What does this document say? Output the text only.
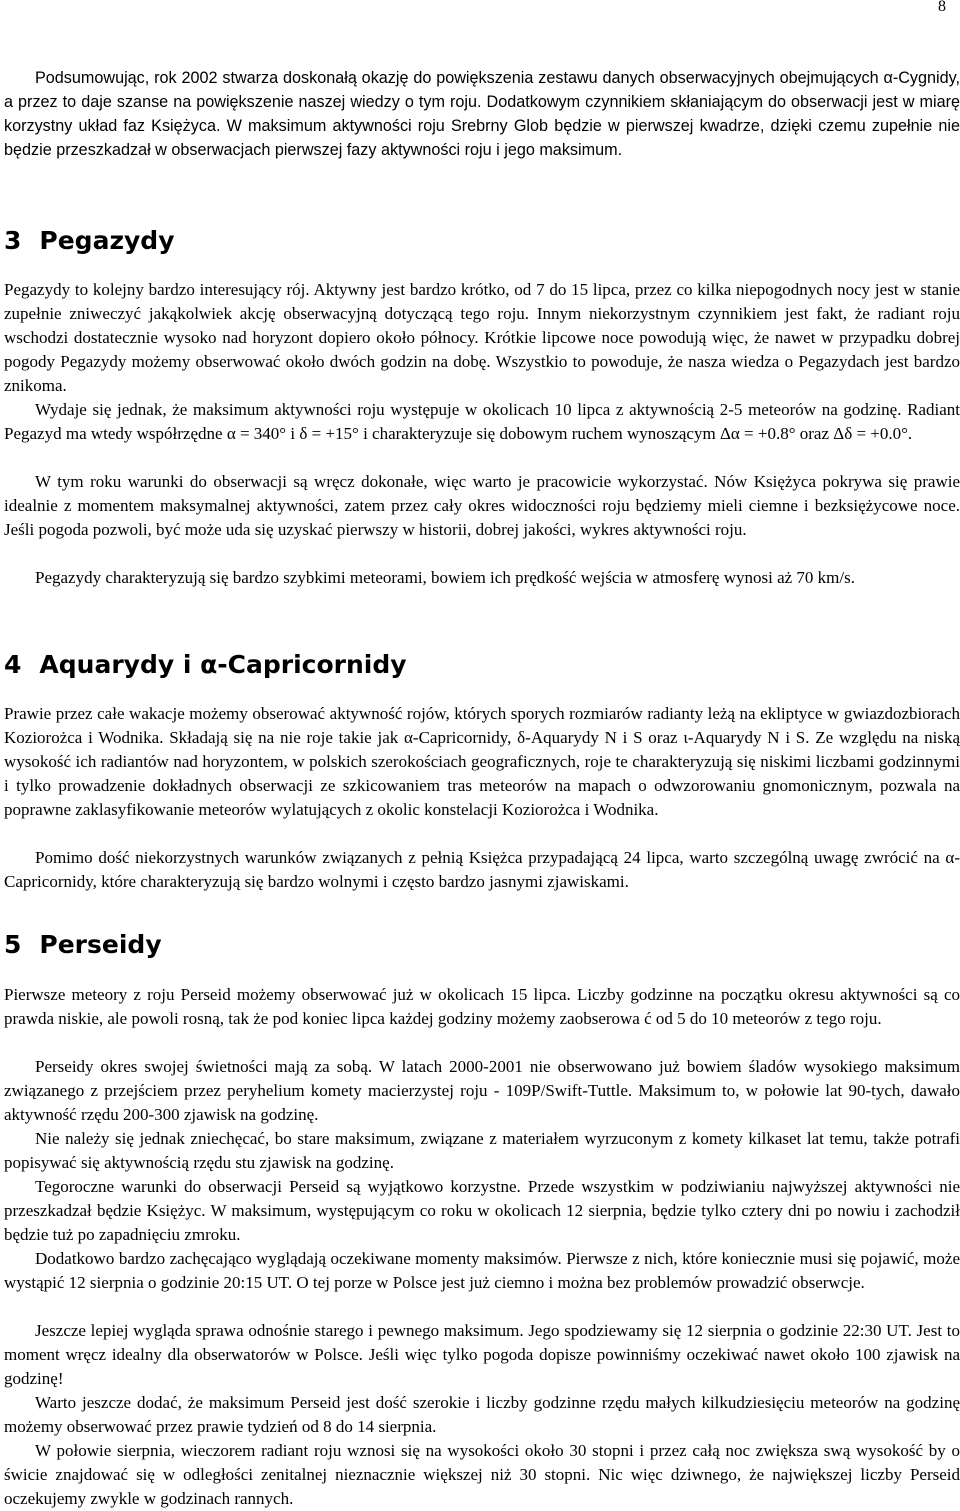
8
Podsumowując, rok 2002 stwarza doskonałą okazję do powiększenia zestawu danych obserwacyjnych obejmujących α-Cygnidy, a przez to daje szanse na powiększenie naszej wiedzy o tym roju. Dodatkowym czynnikiem skłaniającym do obserwacji jest w miarę korzystny układ faz Księżyca. W maksimum aktywności roju Srebrny Glob będzie w pierwszej kwadrze, dzięki czemu zupełnie nie będzie przeszkadzał w obserwacjach pierwszej fazy aktywności roju i jego maksimum.
3 Pegazydy
Pegazydy to kolejny bardzo interesujący rój. Aktywny jest bardzo krótko, od 7 do 15 lipca, przez co kilka niepogodnych nocy jest w stanie zupełnie zniweczyć jakąkolwiek akcję obserwacyjną dotyczącą tego roju. Innym niekorzystnym czynnikiem jest fakt, że radiant roju wschodzi dostatecznie wysoko nad horyzont dopiero około północy. Krótkie lipcowe noce powodują więc, że nawet w przypadku dobrej pogody Pegazydy możemy obserwować około dwóch godzin na dobę. Wszystkio to powoduje, że nasza wiedza o Pegazydach jest bardzo znikoma.
Wydaje się jednak, że maksimum aktywności roju występuje w okolicach 10 lipca z aktywnością 2-5 meteorów na godzinę. Radiant Pegazyd ma wtedy współrzędne α = 340° i δ = +15° i charakteryzuje się dobowym ruchem wynoszącym Δα = +0.8° oraz Δδ = +0.0°.
W tym roku warunki do obserwacji są wręcz dokonałe, więc warto je pracowicie wykorzystać. Nów Księżyca pokrywa się prawie idealnie z momentem maksymalnej aktywności, zatem przez cały okres widoczności roju będziemy mieli ciemne i bezksiężycowe noce. Jeśli pogoda pozwoli, być może uda się uzyskać pierwszy w historii, dobrej jakości, wykres aktywności roju.
Pegazydy charakteryzują się bardzo szybkimi meteorami, bowiem ich prędkość wejścia w atmosferę wynosi aż 70 km/s.
4 Aquarydy i α-Capricornidy
Prawie przez całe wakacje możemy obserować aktywność rojów, których sporych rozmiarów radianty leżą na ekliptyce w gwiazdozbiorach Koziorożca i Wodnika. Składają się na nie roje takie jak α-Capricornidy, δ-Aquarydy N i S oraz ι-Aquarydy N i S. Ze względu na niską wysokość ich radiantów nad horyzontem, w polskich szerokościach geograficznych, roje te charakteryzują się niskimi liczbami godzinnymi i tylko prowadzenie dokładnych obserwacji ze szkicowaniem tras meteorów na mapach o odwzorowaniu gnomonicznym, pozwala na poprawne zaklasyfikowanie meteorów wylatujących z okolic konstelacji Koziorożca i Wodnika.
Pomimo dość niekorzystnych warunków związanych z pełnią Księżca przypadającą 24 lipca, warto szczególną uwagę zwrócić na α-Capricornidy, które charakteryzują się bardzo wolnymi i często bardzo jasnymi zjawiskami.
5 Perseidy
Pierwsze meteory z roju Perseid możemy obserwować już w okolicach 15 lipca. Liczby godzinne na początku okresu aktywności są co prawda niskie, ale powoli rosną, tak że pod koniec lipca każdej godziny możemy zaobserowa ć od 5 do 10 meteorów z tego roju.
Perseidy okres swojej świetności mają za sobą. W latach 2000-2001 nie obserwowano już bowiem śladów wysokiego maksimum związanego z przejściem przez peryhelium komety macierzystej roju - 109P/Swift-Tuttle. Maksimum to, w połowie lat 90-tych, dawało aktywność rzędu 200-300 zjawisk na godzinę.
Nie należy się jednak zniechęcać, bo stare maksimum, związane z materiałem wyrzuconym z komety kilkaset lat temu, także potrafi popisywać się aktywnością rzędu stu zjawisk na godzinę.
Tegoroczne warunki do obserwacji Perseid są wyjątkowo korzystne. Przede wszystkim w podziwianiu najwyższej aktywności nie przeszkadzał będzie Księżyc. W maksimum, występującym co roku w okolicach 12 sierpnia, będzie tylko cztery dni po nowiu i zachodził będzie tuż po zapadnięciu zmroku.
Dodatkowo bardzo zachęcająco wyglądają oczekiwane momenty maksimów. Pierwsze z nich, które koniecznie musi się pojawić, może wystąpić 12 sierpnia o godzinie 20:15 UT. O tej porze w Polsce jest już ciemno i można bez problemów prowadzić obserwcje.
Jeszcze lepiej wygląda sprawa odnośnie starego i pewnego maksimum. Jego spodziewamy się 12 sierpnia o godzinie 22:30 UT. Jest to moment wręcz idealny dla obserwatorów w Polsce. Jeśli więc tylko pogoda dopisze powinniśmy oczekiwać nawet około 100 zjawisk na godzinę!
Warto jeszcze dodać, że maksimum Perseid jest dość szerokie i liczby godzinne rzędu małych kilkudziesięciu meteorów na godzinę możemy obserwować przez prawie tydzień od 8 do 14 sierpnia.
W połowie sierpnia, wieczorem radiant roju wznosi się na wysokości około 30 stopni i przez całą noc zwiększa swą wysokość by o świcie znajdować się w odległości zenitalnej nieznacznie większej niż 30 stopni. Nic więc dziwnego, że największej liczby Perseid oczekujemy zwykle w godzinach rannych.
